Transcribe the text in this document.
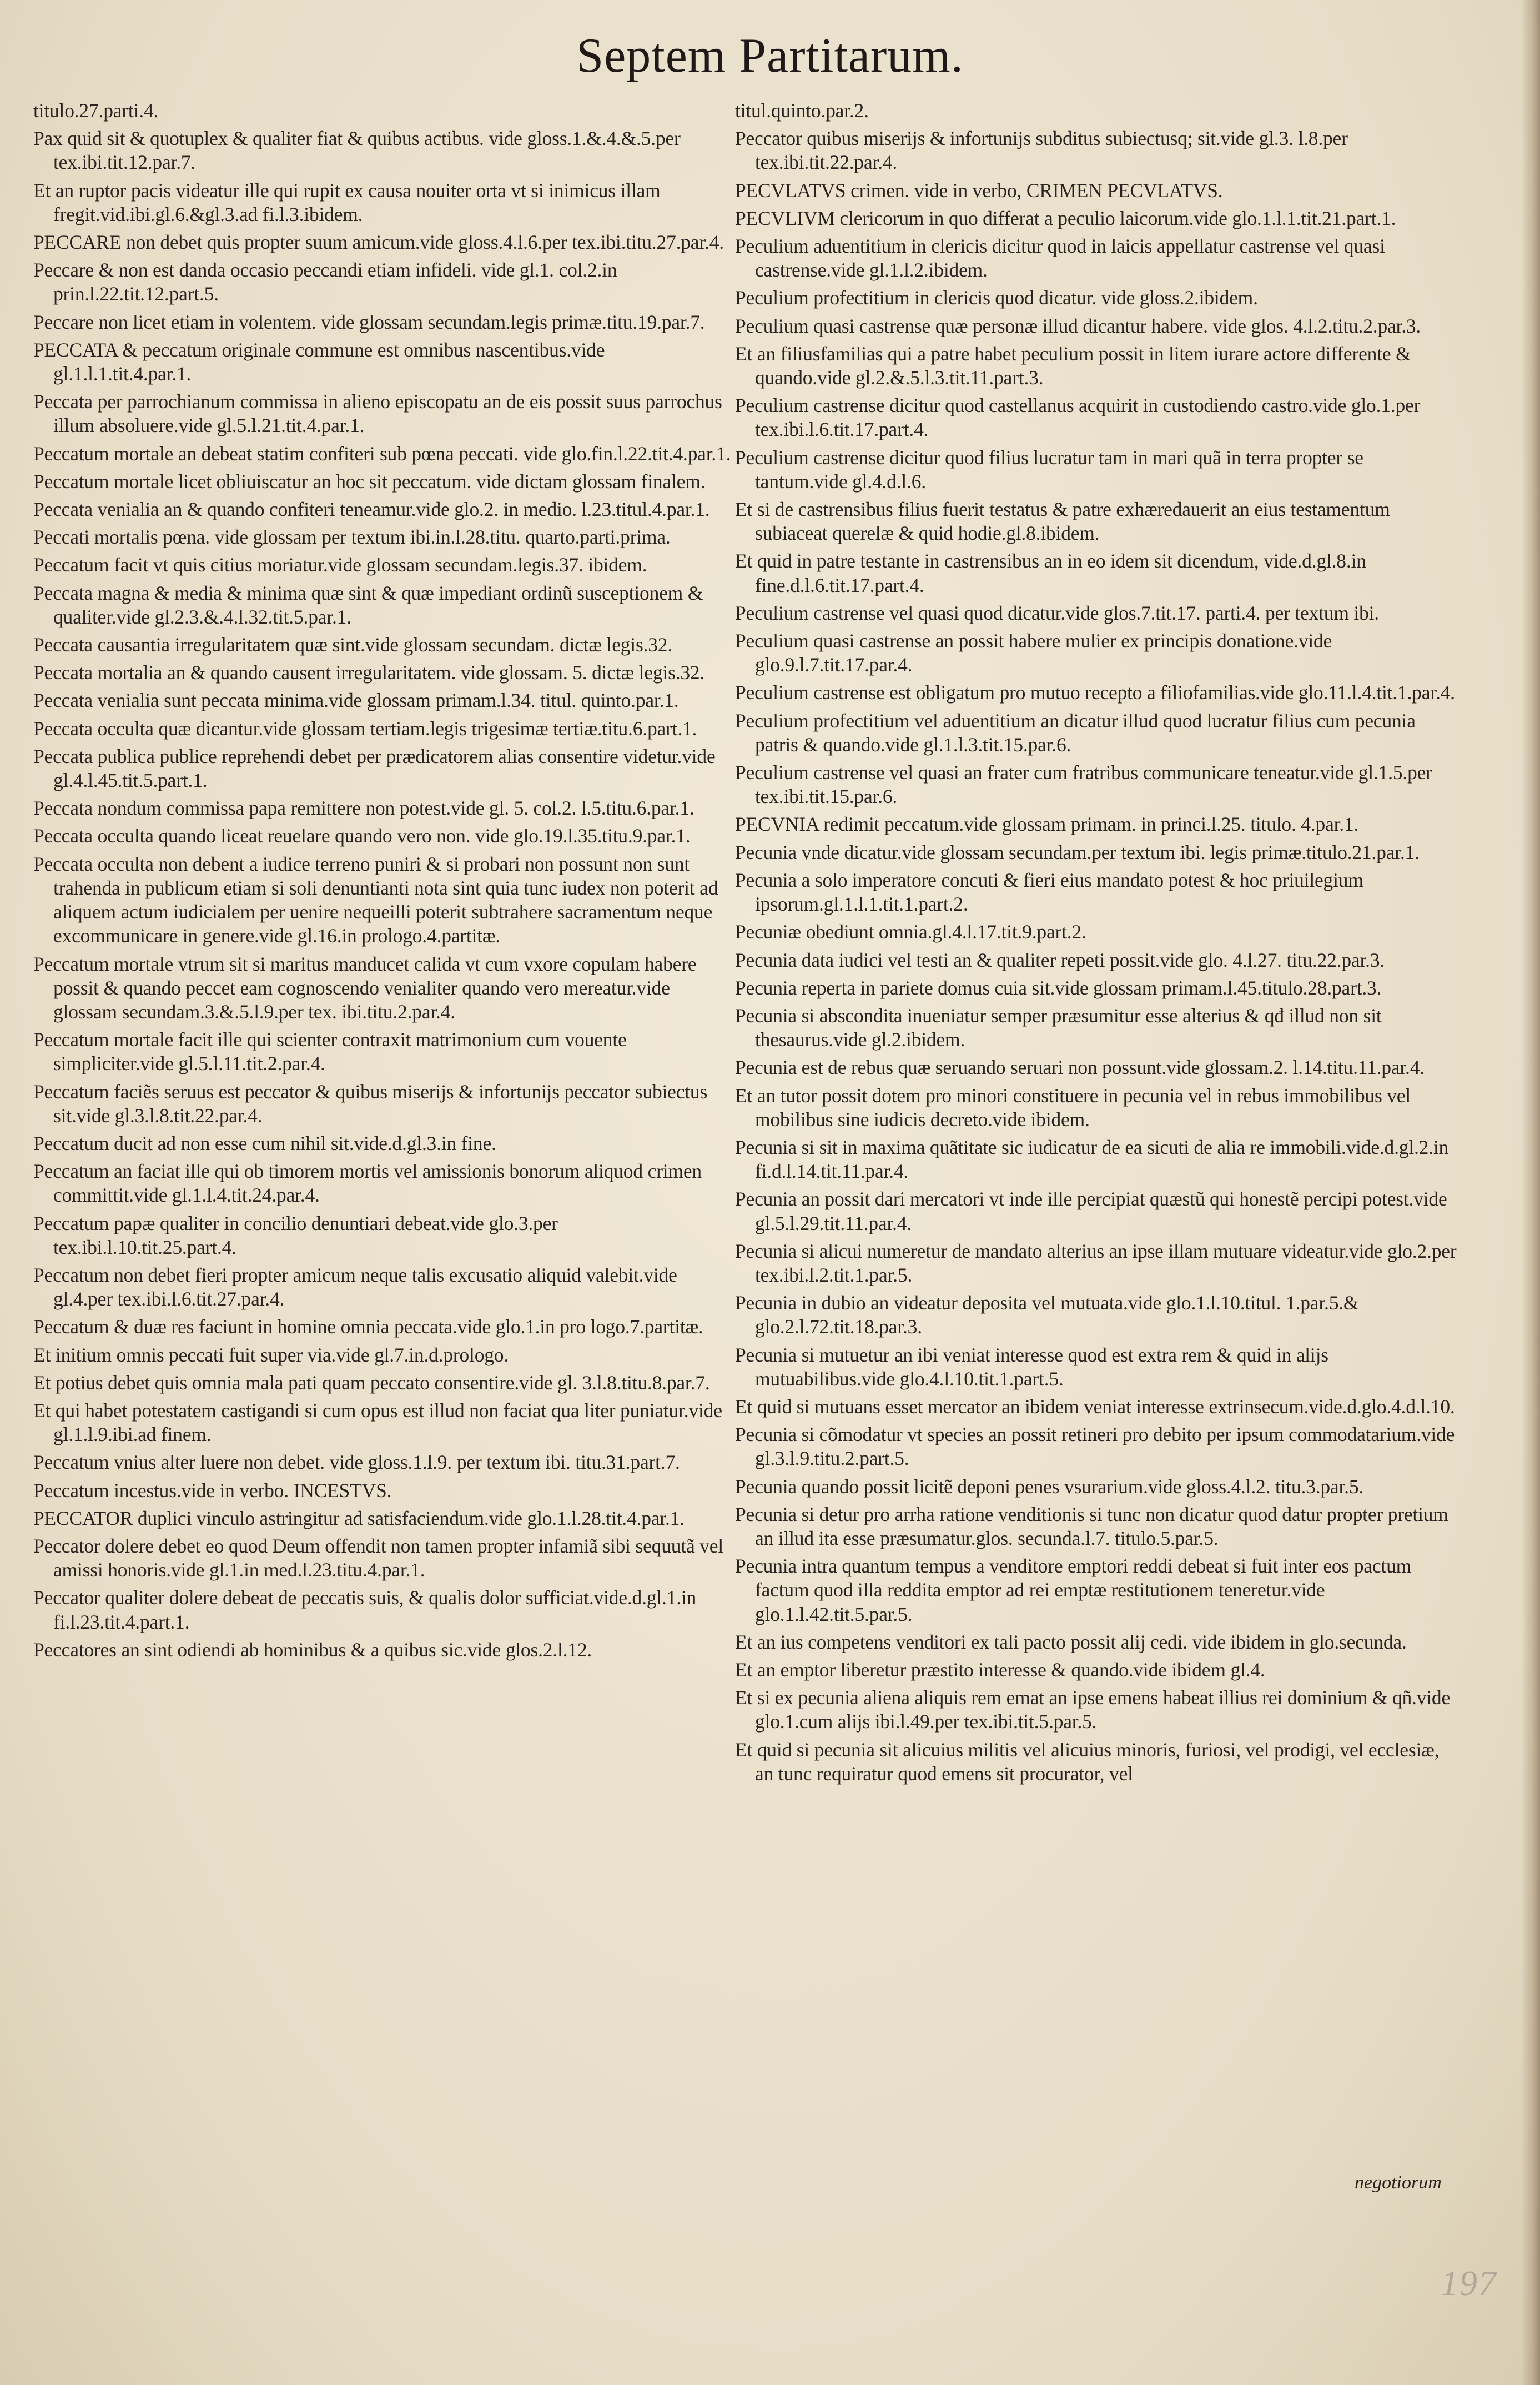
Septem Partitarum.
titulo.27.parti.4.
Pax quid sit & quotuplex & qualiter fiat & quibus actibus. vide gloss.1.&.4.&.5.per tex.ibi.tit.12.par.7.
Et an ruptor pacis videatur ille qui rupit ex causa nouiter orta vt si inimicus illam fregit.vid.ibi.gl.6.&gl.3.ad fi.l.3.ibidem.
PECCARE non debet quis propter suum amicum.vide gloss.4.l.6.per tex.ibi.titu.27.par.4.
Peccare & non est danda occasio peccandi etiam infideli. vide gl.1. col.2.in prin.l.22.tit.12.part.5.
Peccare non licet etiam in volentem. vide glossam secundam.legis primæ.titu.19.par.7.
PECCATA & peccatum originale commune est omnibus nascentibus.vide gl.1.l.1.tit.4.par.1.
Peccata per parrochianum commissa in alieno episcopatu an de eis possit suus parrochus illum absoluere.vide gl.5.l.21.tit.4.par.1.
Peccatum mortale an debeat statim confiteri sub pœna peccati. vide glo.fin.l.22.tit.4.par.1.
Peccatum mortale licet obliuiscatur an hoc sit peccatum. vide dictam glossam finalem.
Peccata venialia an & quando confiteri teneamur.vide glo.2. in medio. l.23.titul.4.par.1.
Peccati mortalis pœna. vide glossam per textum ibi.in.l.28.titu. quarto.parti.prima.
Peccatum facit vt quis citius moriatur.vide glossam secundam.legis.37. ibidem.
Peccata magna & media & minima quæ sint & quæ impediant ordinũ susceptionem & qualiter.vide gl.2.3.&.4.l.32.tit.5.par.1.
Peccata causantia irregularitatem quæ sint.vide glossam secundam. dictæ legis.32.
Peccata mortalia an & quando causent irregularitatem. vide glossam. 5. dictæ legis.32.
Peccata venialia sunt peccata minima.vide glossam primam.l.34. titul. quinto.par.1.
Peccata occulta quæ dicantur.vide glossam tertiam.legis trigesimæ tertiæ.titu.6.part.1.
Peccata publica publice reprehendi debet per prædicatorem alias consentire videtur.vide gl.4.l.45.tit.5.part.1.
Peccata nondum commissa papa remittere non potest.vide gl. 5. col.2. l.5.titu.6.par.1.
Peccata occulta quando liceat reuelare quando vero non. vide glo.19.l.35.titu.9.par.1.
Peccata occulta non debent a iudice terreno puniri & si probari non possunt non sunt trahenda in publicum etiam si soli denuntianti nota sint quia tunc iudex non poterit ad aliquem actum iudicialem per uenire nequeilli poterit subtrahere sacramentum neque excommunicare in genere.vide gl.16.in prologo.4.partitæ.
Peccatum mortale vtrum sit si maritus manducet calida vt cum vxore copulam habere possit & quando peccet eam cognoscendo venialiter quando vero mereatur.vide glossam secundam.3.&.5.l.9.per tex. ibi.titu.2.par.4.
Peccatum mortale facit ille qui scienter contraxit matrimonium cum vouente simpliciter.vide gl.5.l.11.tit.2.par.4.
Peccatum faciẽs seruus est peccator & quibus miserijs & infortunijs peccator subiectus sit.vide gl.3.l.8.tit.22.par.4.
Peccatum ducit ad non esse cum nihil sit.vide.d.gl.3.in fine.
Peccatum an faciat ille qui ob timorem mortis vel amissionis bonorum aliquod crimen committit.vide gl.1.l.4.tit.24.par.4.
Peccatum papæ qualiter in concilio denuntiari debeat.vide glo.3.per tex.ibi.l.10.tit.25.part.4.
Peccatum non debet fieri propter amicum neque talis excusatio aliquid valebit.vide gl.4.per tex.ibi.l.6.tit.27.par.4.
Peccatum & duæ res faciunt in homine omnia peccata.vide glo.1.in pro logo.7.partitæ.
Et initium omnis peccati fuit super via.vide gl.7.in.d.prologo.
Et potius debet quis omnia mala pati quam peccato consentire.vide gl. 3.l.8.titu.8.par.7.
Et qui habet potestatem castigandi si cum opus est illud non faciat qua liter puniatur.vide gl.1.l.9.ibi.ad finem.
Peccatum vnius alter luere non debet. vide gloss.1.l.9. per textum ibi. titu.31.part.7.
Peccatum incestus.vide in verbo. INCESTVS.
PECCATOR duplici vinculo astringitur ad satisfaciendum.vide glo.1.l.28.tit.4.par.1.
Peccator dolere debet eo quod Deum offendit non tamen propter infamiã sibi sequutã vel amissi honoris.vide gl.1.in med.l.23.titu.4.par.1.
Peccator qualiter dolere debeat de peccatis suis, & qualis dolor sufficiat.vide.d.gl.1.in fi.l.23.tit.4.part.1.
Peccatores an sint odiendi ab hominibus & a quibus sic.vide glos.2.l.12.
titul.quinto.par.2.
Peccator quibus miserijs & infortunijs subditus subiectusq; sit.vide gl.3. l.8.per tex.ibi.tit.22.par.4.
PECVLATVS crimen. vide in verbo, CRIMEN PECVLATVS.
PECVLIVM clericorum in quo differat a peculio laicorum.vide glo.1.l.1.tit.21.part.1.
Peculium aduentitium in clericis dicitur quod in laicis appellatur castrense vel quasi castrense.vide gl.1.l.2.ibidem.
Peculium profectitium in clericis quod dicatur. vide gloss.2.ibidem.
Peculium quasi castrense quæ personæ illud dicantur habere. vide glos. 4.l.2.titu.2.par.3.
Et an filiusfamilias qui a patre habet peculium possit in litem iurare actore differente & quando.vide gl.2.&.5.l.3.tit.11.part.3.
Peculium castrense dicitur quod castellanus acquirit in custodiendo castro.vide glo.1.per tex.ibi.l.6.tit.17.part.4.
Peculium castrense dicitur quod filius lucratur tam in mari quã in terra propter se tantum.vide gl.4.d.l.6.
Et si de castrensibus filius fuerit testatus & patre exhæredauerit an eius testamentum subiaceat querelæ & quid hodie.gl.8.ibidem.
Et quid in patre testante in castrensibus an in eo idem sit dicendum, vide.d.gl.8.in fine.d.l.6.tit.17.part.4.
Peculium castrense vel quasi quod dicatur.vide glos.7.tit.17. parti.4. per textum ibi.
Peculium quasi castrense an possit habere mulier ex principis donatione.vide glo.9.l.7.tit.17.par.4.
Peculium castrense est obligatum pro mutuo recepto a filiofamilias.vide glo.11.l.4.tit.1.par.4.
Peculium profectitium vel aduentitium an dicatur illud quod lucratur filius cum pecunia patris & quando.vide gl.1.l.3.tit.15.par.6.
Peculium castrense vel quasi an frater cum fratribus communicare teneatur.vide gl.1.5.per tex.ibi.tit.15.par.6.
PECVNIA redimit peccatum.vide glossam primam. in princi.l.25. titulo. 4.par.1.
Pecunia vnde dicatur.vide glossam secundam.per textum ibi. legis primæ.titulo.21.par.1.
Pecunia a solo imperatore concuti & fieri eius mandato potest & hoc priuilegium ipsorum.gl.1.l.1.tit.1.part.2.
Pecuniæ obediunt omnia.gl.4.l.17.tit.9.part.2.
Pecunia data iudici vel testi an & qualiter repeti possit.vide glo. 4.l.27. titu.22.par.3.
Pecunia reperta in pariete domus cuia sit.vide glossam primam.l.45.titulo.28.part.3.
Pecunia si abscondita inueniatur semper præsumitur esse alterius & qđ illud non sit thesaurus.vide gl.2.ibidem.
Pecunia est de rebus quæ seruando seruari non possunt.vide glossam.2. l.14.titu.11.par.4.
Et an tutor possit dotem pro minori constituere in pecunia vel in rebus immobilibus vel mobilibus sine iudicis decreto.vide ibidem.
Pecunia si sit in maxima quãtitate sic iudicatur de ea sicuti de alia re immobili.vide.d.gl.2.in fi.d.l.14.tit.11.par.4.
Pecunia an possit dari mercatori vt inde ille percipiat quæstũ qui honestẽ percipi potest.vide gl.5.l.29.tit.11.par.4.
Pecunia si alicui numeretur de mandato alterius an ipse illam mutuare videatur.vide glo.2.per tex.ibi.l.2.tit.1.par.5.
Pecunia in dubio an videatur deposita vel mutuata.vide glo.1.l.10.titul. 1.par.5.& glo.2.l.72.tit.18.par.3.
Pecunia si mutuetur an ibi veniat interesse quod est extra rem & quid in alijs mutuabilibus.vide glo.4.l.10.tit.1.part.5.
Et quid si mutuans esset mercator an ibidem veniat interesse extrinsecum.vide.d.glo.4.d.l.10.
Pecunia si cõmodatur vt species an possit retineri pro debito per ipsum commodatarium.vide gl.3.l.9.titu.2.part.5.
Pecunia quando possit licitẽ deponi penes vsurarium.vide gloss.4.l.2. titu.3.par.5.
Pecunia si detur pro arrha ratione venditionis si tunc non dicatur quod datur propter pretium an illud ita esse præsumatur.glos. secunda.l.7. titulo.5.par.5.
Pecunia intra quantum tempus a venditore emptori reddi debeat si fuit inter eos pactum factum quod illa reddita emptor ad rei emptæ restitutionem teneretur.vide glo.1.l.42.tit.5.par.5.
Et an ius competens venditori ex tali pacto possit alij cedi. vide ibidem in glo.secunda.
Et an emptor liberetur præstito interesse & quando.vide ibidem gl.4.
Et si ex pecunia aliena aliquis rem emat an ipse emens habeat illius rei dominium & qñ.vide glo.1.cum alijs ibi.l.49.per tex.ibi.tit.5.par.5.
Et quid si pecunia sit alicuius militis vel alicuius minoris, furiosi, vel prodigi, vel ecclesiæ, an tunc requiratur quod emens sit procurator, vel
negotiorum
197
